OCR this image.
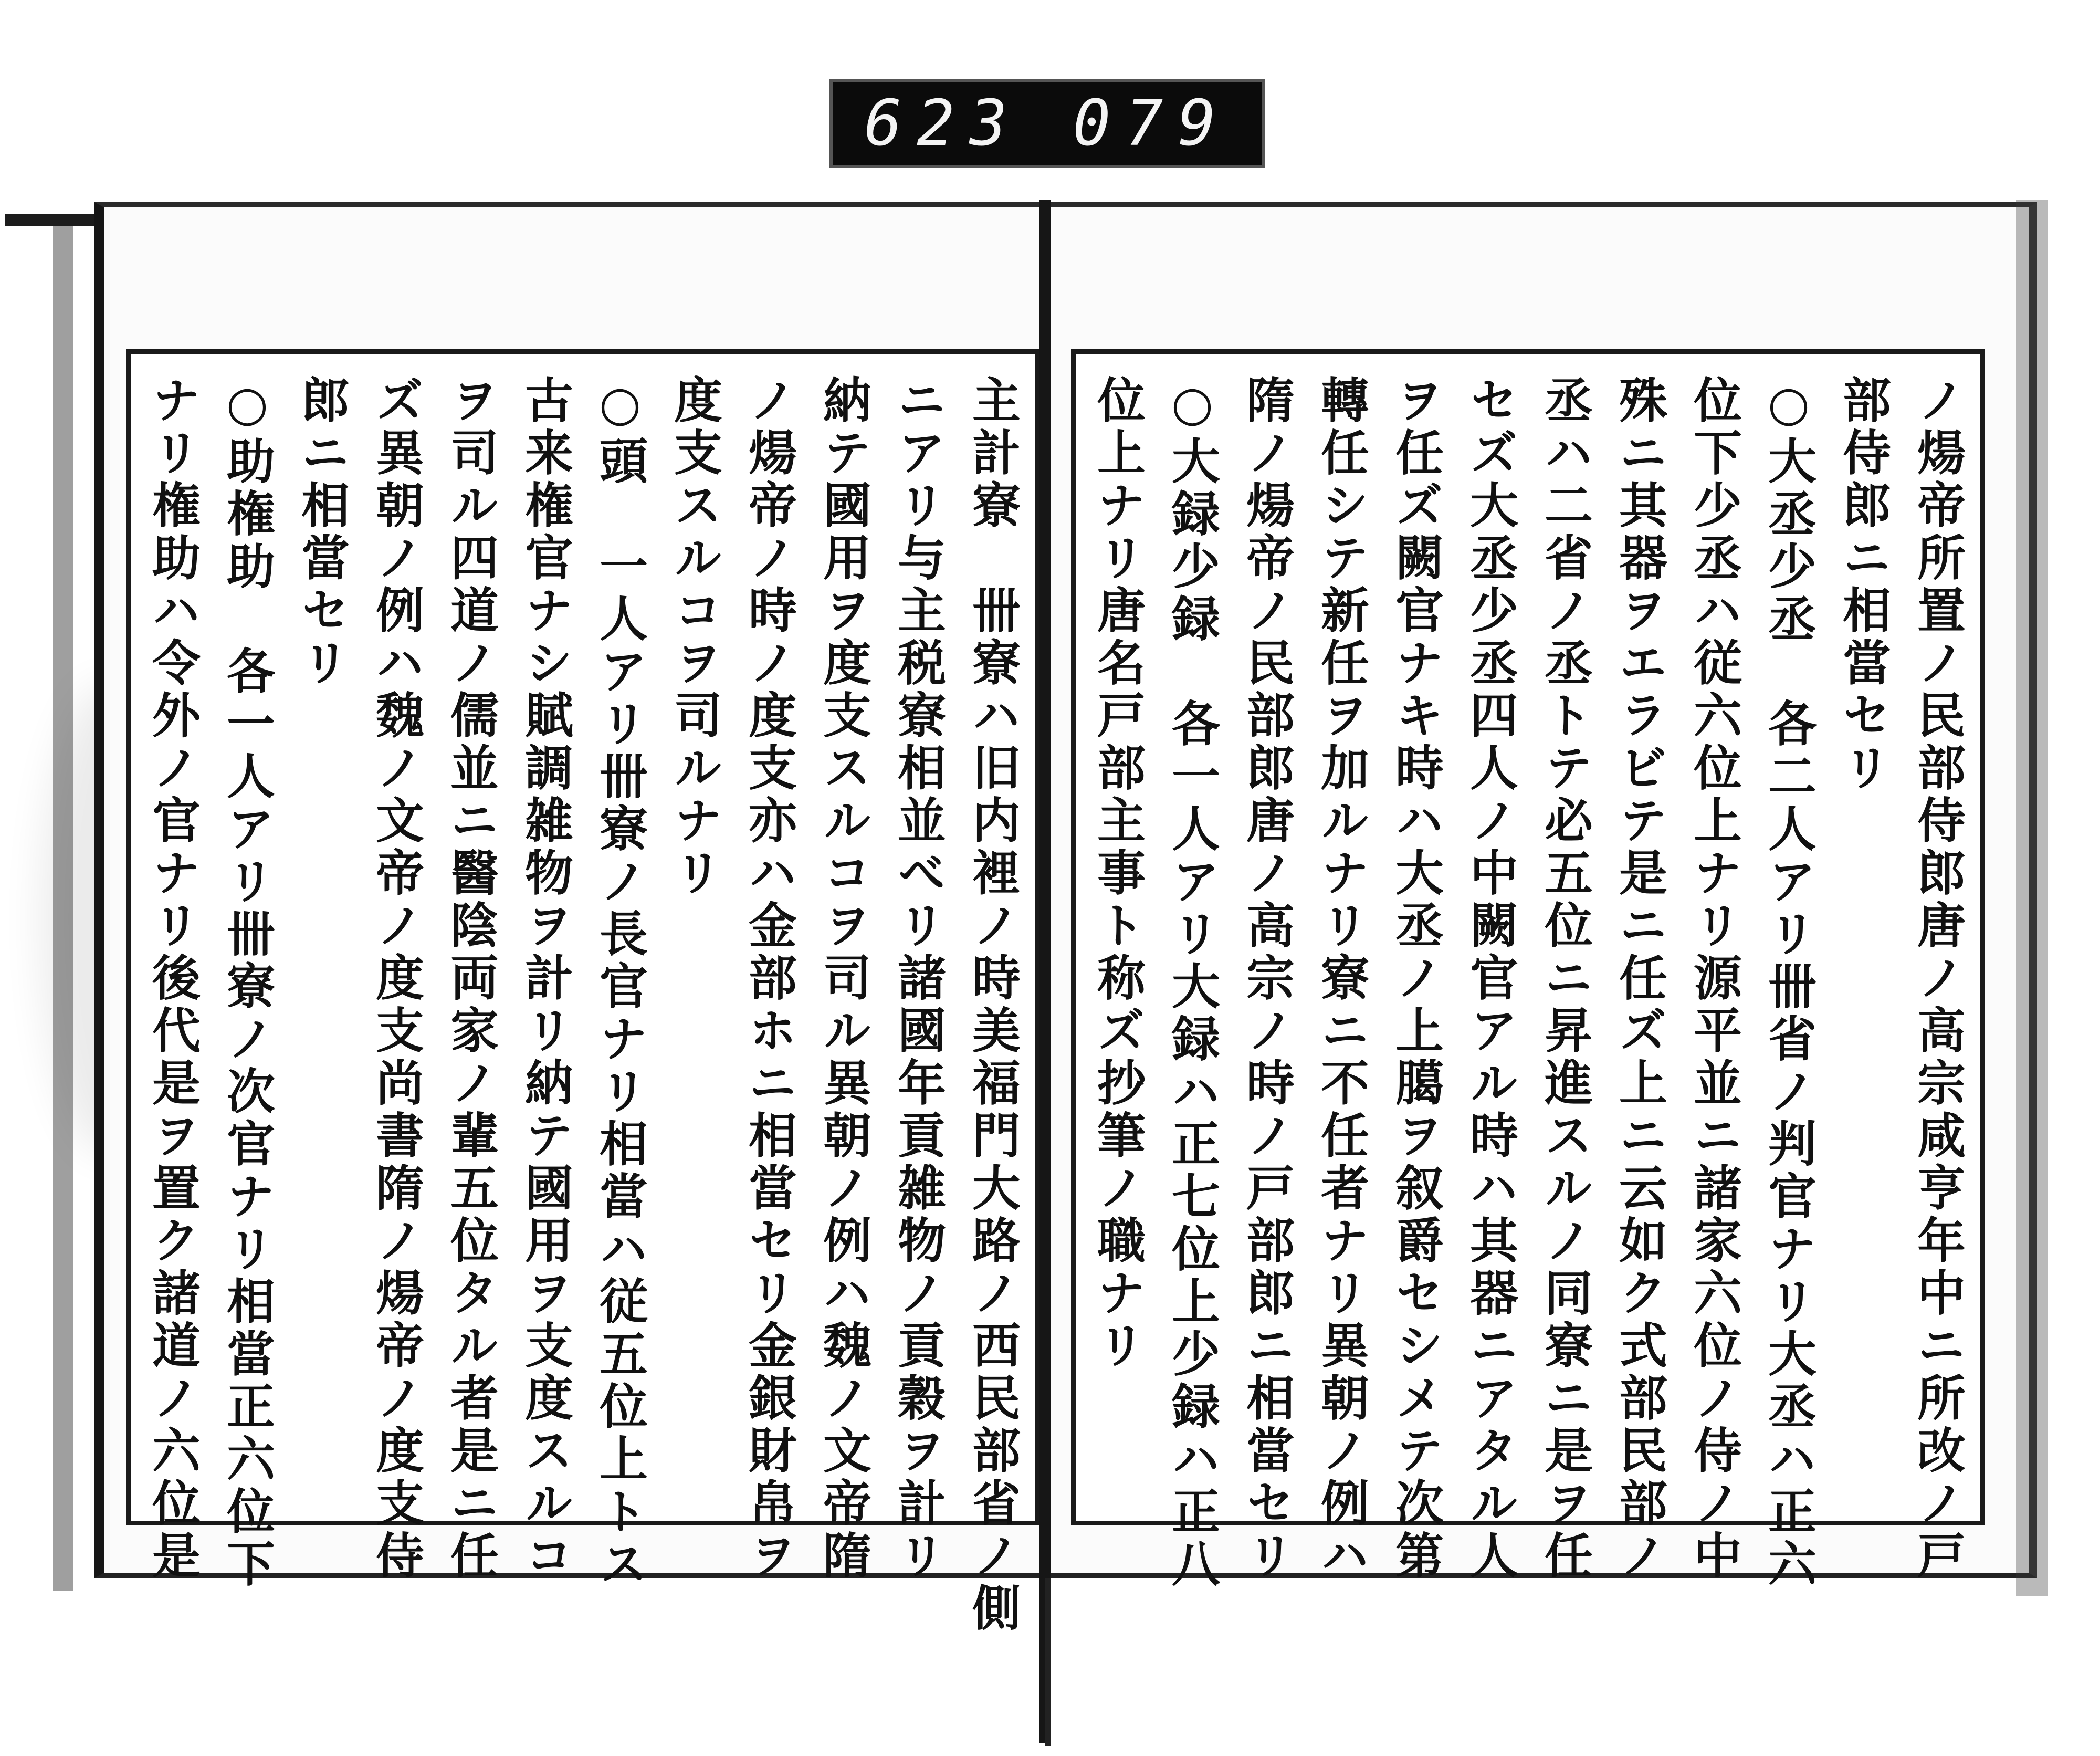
623 079
主計寮　卌寮ハ旧内裡ノ時美福門大路ノ西民部省ノ側
ニアリ与主税寮相並べリ諸國年貢雑物ノ貢穀ヲ計リ
納テ國用ヲ度支スルコヲ司ル異朝ノ例ハ魏ノ文帝隋
ノ煬帝ノ時ノ度支亦ハ金部ホニ相當セリ金銀財帛ヲ
度支スルコヲ司ルナリ
○頭　一人アリ卌寮ノ長官ナリ相當ハ従五位上トス
古来権官ナシ賦調雑物ヲ計リ納テ國用ヲ支度スルコ
ヲ司ル四道ノ儒並ニ醫陰両家ノ輩五位タル者是ニ任
ズ異朝ノ例ハ魏ノ文帝ノ度支尚書隋ノ煬帝ノ度支侍
郎ニ相當セリ
○助権助　各一人アリ卌寮ノ次官ナリ相當正六位下
ナリ権助ハ令外ノ官ナリ後代是ヲ置ク諸道ノ六位是	ノ煬帝所置ノ民部侍郎唐ノ高宗咸亨年中ニ所改ノ戸
部侍郎ニ相當セリ
○大丞少丞　各二人アリ卌省ノ判官ナリ大丞ハ正六
位下少丞ハ従六位上ナリ源平並ニ諸家六位ノ侍ノ中
殊ニ其器ヲエラビテ是ニ任ズ上ニ云如ク式部民部ノ
丞ハ二省ノ丞トテ必五位ニ昇進スルノ同寮ニ是ヲ任
セズ大丞少丞四人ノ中闕官アル時ハ其器ニアタル人
ヲ任ズ闕官ナキ時ハ大丞ノ上臈ヲ叙爵セシメテ次第
轉任シテ新任ヲ加ルナリ寮ニ不任者ナリ異朝ノ例ハ
隋ノ煬帝ノ民部郎唐ノ高宗ノ時ノ戸部郎ニ相當セリ
○大録少録　各一人アリ大録ハ正七位上少録ハ正八
位上ナリ唐名戸部主事ト称ズ抄筆ノ職ナリ
